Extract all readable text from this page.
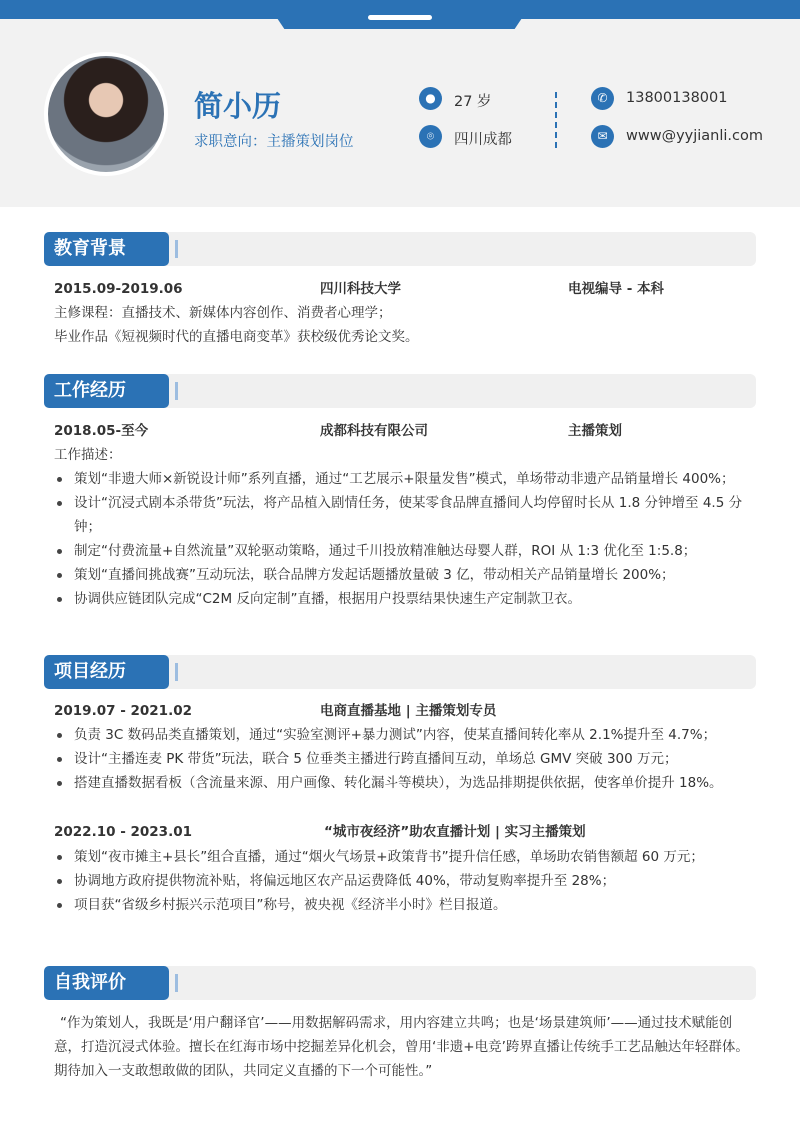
简小历
求职意向：主播策划岗位
●	27 岁
⌾	四川成都
✆	13800138001
✉	www@yyjianli.com
教育背景
2015.09-2019.06	四川科技大学	电视编导 - 本科
主修课程：直播技术、新媒体内容创作、消费者心理学；
毕业作品《短视频时代的直播电商变革》获校级优秀论文奖。
工作经历
2018.05-至今	成都科技有限公司	主播策划
工作描述：
策划“非遗大师×新锐设计师”系列直播，通过“工艺展示+限量发售”模式，单场带动非遗产品销量增长 400%；
设计“沉浸式剧本杀带货”玩法，将产品植入剧情任务，使某零食品牌直播间人均停留时长从 1.8 分钟增至 4.5 分钟；
制定“付费流量+自然流量”双轮驱动策略，通过千川投放精准触达母婴人群，ROI 从 1:3 优化至 1:5.8；
策划“直播间挑战赛”互动玩法，联合品牌方发起话题播放量破 3 亿，带动相关产品销量增长 200%；
协调供应链团队完成“C2M 反向定制”直播，根据用户投票结果快速生产定制款卫衣。
项目经历
2019.07 - 2021.02	电商直播基地 | 主播策划专员
负责 3C 数码品类直播策划，通过“实验室测评+暴力测试”内容，使某直播间转化率从 2.1%提升至 4.7%；
设计“主播连麦 PK 带货”玩法，联合 5 位垂类主播进行跨直播间互动，单场总 GMV 突破 300 万元；
搭建直播数据看板（含流量来源、用户画像、转化漏斗等模块），为选品排期提供依据，使客单价提升 18%。
2022.10 - 2023.01	“城市夜经济”助农直播计划 | 实习主播策划
策划“夜市摊主+县长”组合直播，通过“烟火气场景+政策背书”提升信任感，单场助农销售额超 60 万元；
协调地方政府提供物流补贴，将偏远地区农产品运费降低 40%，带动复购率提升至 28%；
项目获“省级乡村振兴示范项目”称号，被央视《经济半小时》栏目报道。
自我评价
“作为策划人，我既是‘用户翻译官’——用数据解码需求，用内容建立共鸣；也是‘场景建筑师’——通过技术赋能创意，打造沉浸式体验。擅长在红海市场中挖掘差异化机会，曾用‘非遗+电竞’跨界直播让传统手工艺品触达年轻群体。期待加入一支敢想敢做的团队，共同定义直播的下一个可能性。”
